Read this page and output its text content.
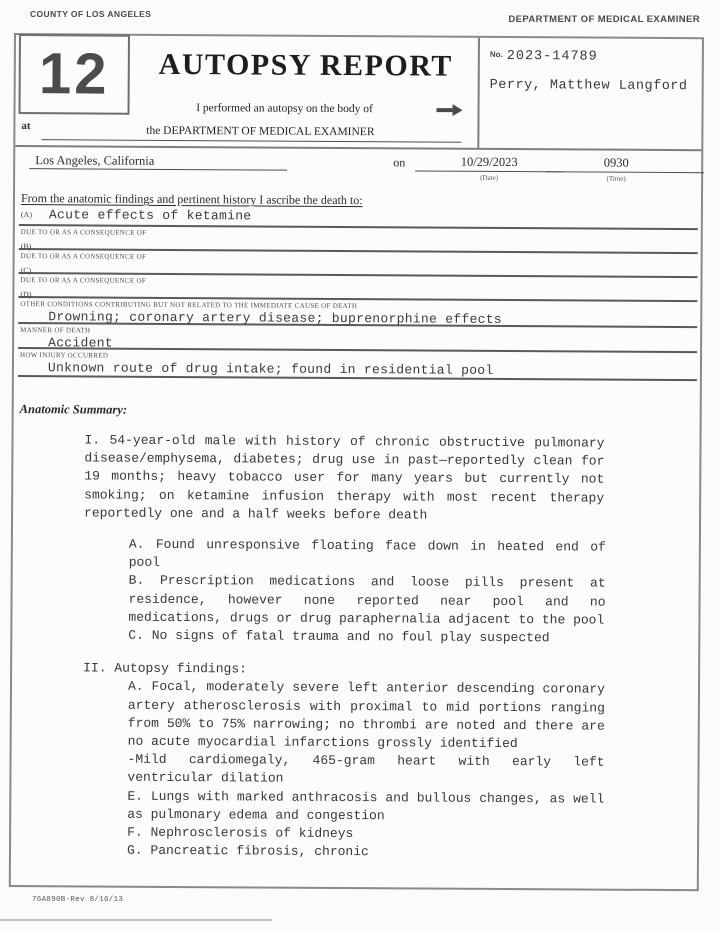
COUNTY OF LOS ANGELES	DEPARTMENT OF MEDICAL EXAMINER
12	AUTOPSY REPORT
I performed an autopsy on the body of
at	the DEPARTMENT OF MEDICAL EXAMINER
No. 2023-14789
Perry, Matthew Langford
Los Angeles, California	on	10/29/2023
(Date)
0930
(Time)
From the anatomic findings and pertinent history I ascribe the death to:
(A) Acute effects of ketamine
DUE TO OR AS A CONSEQUENCE OF
(B)
DUE TO OR AS A CONSEQUENCE OF
(C)
DUE TO OR AS A CONSEQUENCE OF
(D)
OTHER CONDITIONS CONTRIBUTING BUT NOT RELATED TO THE IMMEDIATE CAUSE OF DEATH
Drowning; coronary artery disease; buprenorphine effects
MANNER OF DEATH
Accident
HOW INJURY OCCURRED
Unknown route of drug intake; found in residential pool
Anatomic Summary:

I. 54-year-old male with history of chronic obstructive pulmonary disease/emphysema, diabetes; drug use in past—reportedly clean for 19 months; heavy tobacco user for many years but currently not smoking; on ketamine infusion therapy with most recent therapy reportedly one and a half weeks before death

A. Found unresponsive floating face down in heated end of pool

B. Prescription medications and loose pills present at residence, however none reported near pool and no medications, drugs or drug paraphernalia adjacent to the pool

C. No signs of fatal trauma and no foul play suspected

II. Autopsy findings:

A. Focal, moderately severe left anterior descending coronary artery atherosclerosis with proximal to mid portions ranging from 50% to 75% narrowing; no thrombi are noted and there are no acute myocardial infarctions grossly identified

-Mild cardiomegaly, 465-gram heart with early left ventricular dilation

E. Lungs with marked anthracosis and bullous changes, as well as pulmonary edema and congestion

F. Nephrosclerosis of kidneys

G. Pancreatic fibrosis, chronic

76A890B-Rev 8/16/13
